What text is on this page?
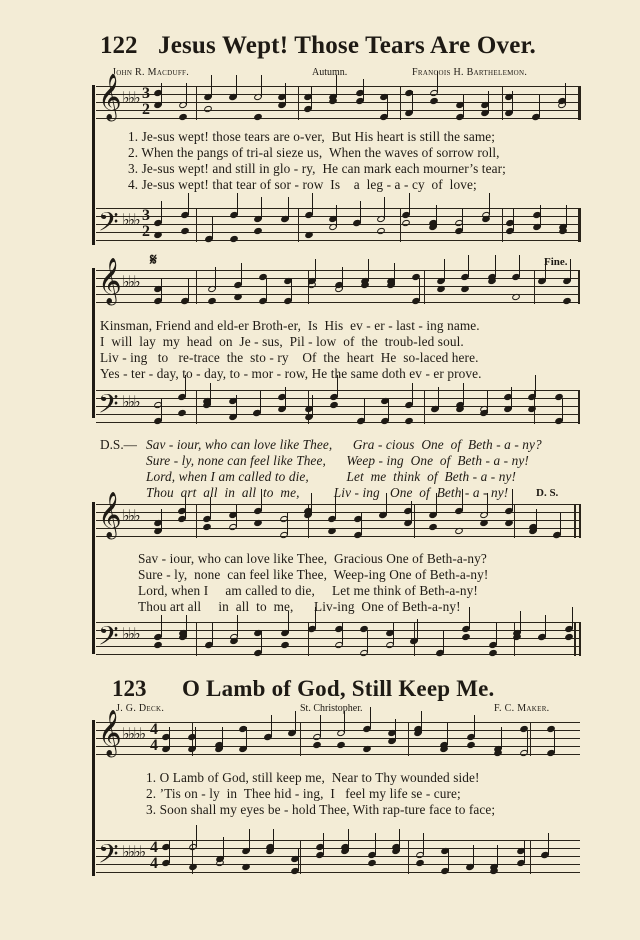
122 Jesus Wept! Those Tears Are Over.
John R. Macduff.	Autumn.	Francois H. Barthelemon.
𝄞 ♭♭♭ 3
2
1. Je-sus wept! those tears are o-ver,  But His heart is still the same;
2. When the pangs of tri-al sieze us,  When the waves of sorrow roll,
3. Je-sus wept! and still in glo - ry,  He can mark each mourner’s tear;
4. Je-sus wept! that tear of sor - row  Is    a  leg - a - cy  of  love;
𝄢 ♭♭♭ 3
2
𝄋	Fine.
𝄞 ♭♭♭
Kinsman, Friend and eld-er Broth-er,  Is  His  ev - er - last - ing name.
I  will  lay  my  head  on  Je - sus,  Pil - low  of  the  troub-led soul.
Liv - ing   to   re-trace  the  sto - ry    Of  the  heart  He  so-laced here.
Yes - ter - day, to - day, to - mor - row, He the same doth ev - er prove.
𝄢 ♭♭♭
D.S.— Sav - iour, who can love like Thee,      Gra - cious  One  of  Beth - a - ny?
Sure - ly, none can feel like Thee,      Weep - ing  One  of  Beth - a - ny!
Lord, when I am called to die,           Let  me  think  of  Beth - a - ny!
Thou  art  all  in  all  to  me,          Liv - ing   One  of  Beth - a - ny!	D. S.
𝄞 ♭♭♭
Sav - iour, who can love like Thee,  Gracious One of Beth-a-ny?
Sure - ly,  none  can feel like Thee,  Weep-ing One of Beth-a-ny!
Lord, when I     am called to die,     Let me think of Beth-a-ny!
Thou art all     in  all  to  me,      Liv-ing  One of Beth-a-ny!
𝄢 ♭♭♭
123 O Lamb of God, Still Keep Me.
J. G. Deck.	St. Christopher.	F. C. Maker.
𝄞 ♭♭♭♭ 4
4
1. O Lamb of God, still keep me,  Near to Thy wounded side!
2. ’Tis on - ly  in  Thee hid - ing,  I   feel my life se - cure;
3. Soon shall my eyes be - hold Thee, With rap-ture face to face;
𝄢 ♭♭♭♭ 4
4
